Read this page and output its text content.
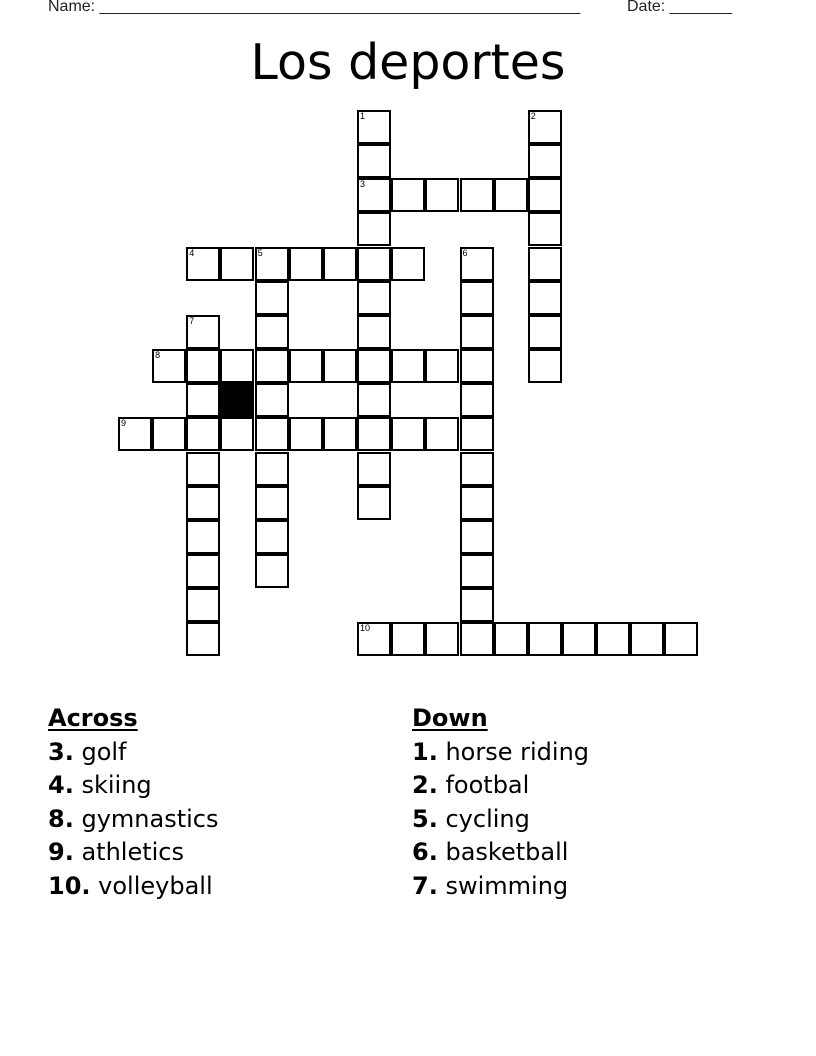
Name: ______________________________________________________	Date: _______
Los deportes
3
4	5
8
9
10
1	2
6
7
Across
3. golf
4. skiing
8. gymnastics
9. athletics
10. volleyball
Down
1. horse riding
2. footbal
5. cycling
6. basketball
7. swimming
